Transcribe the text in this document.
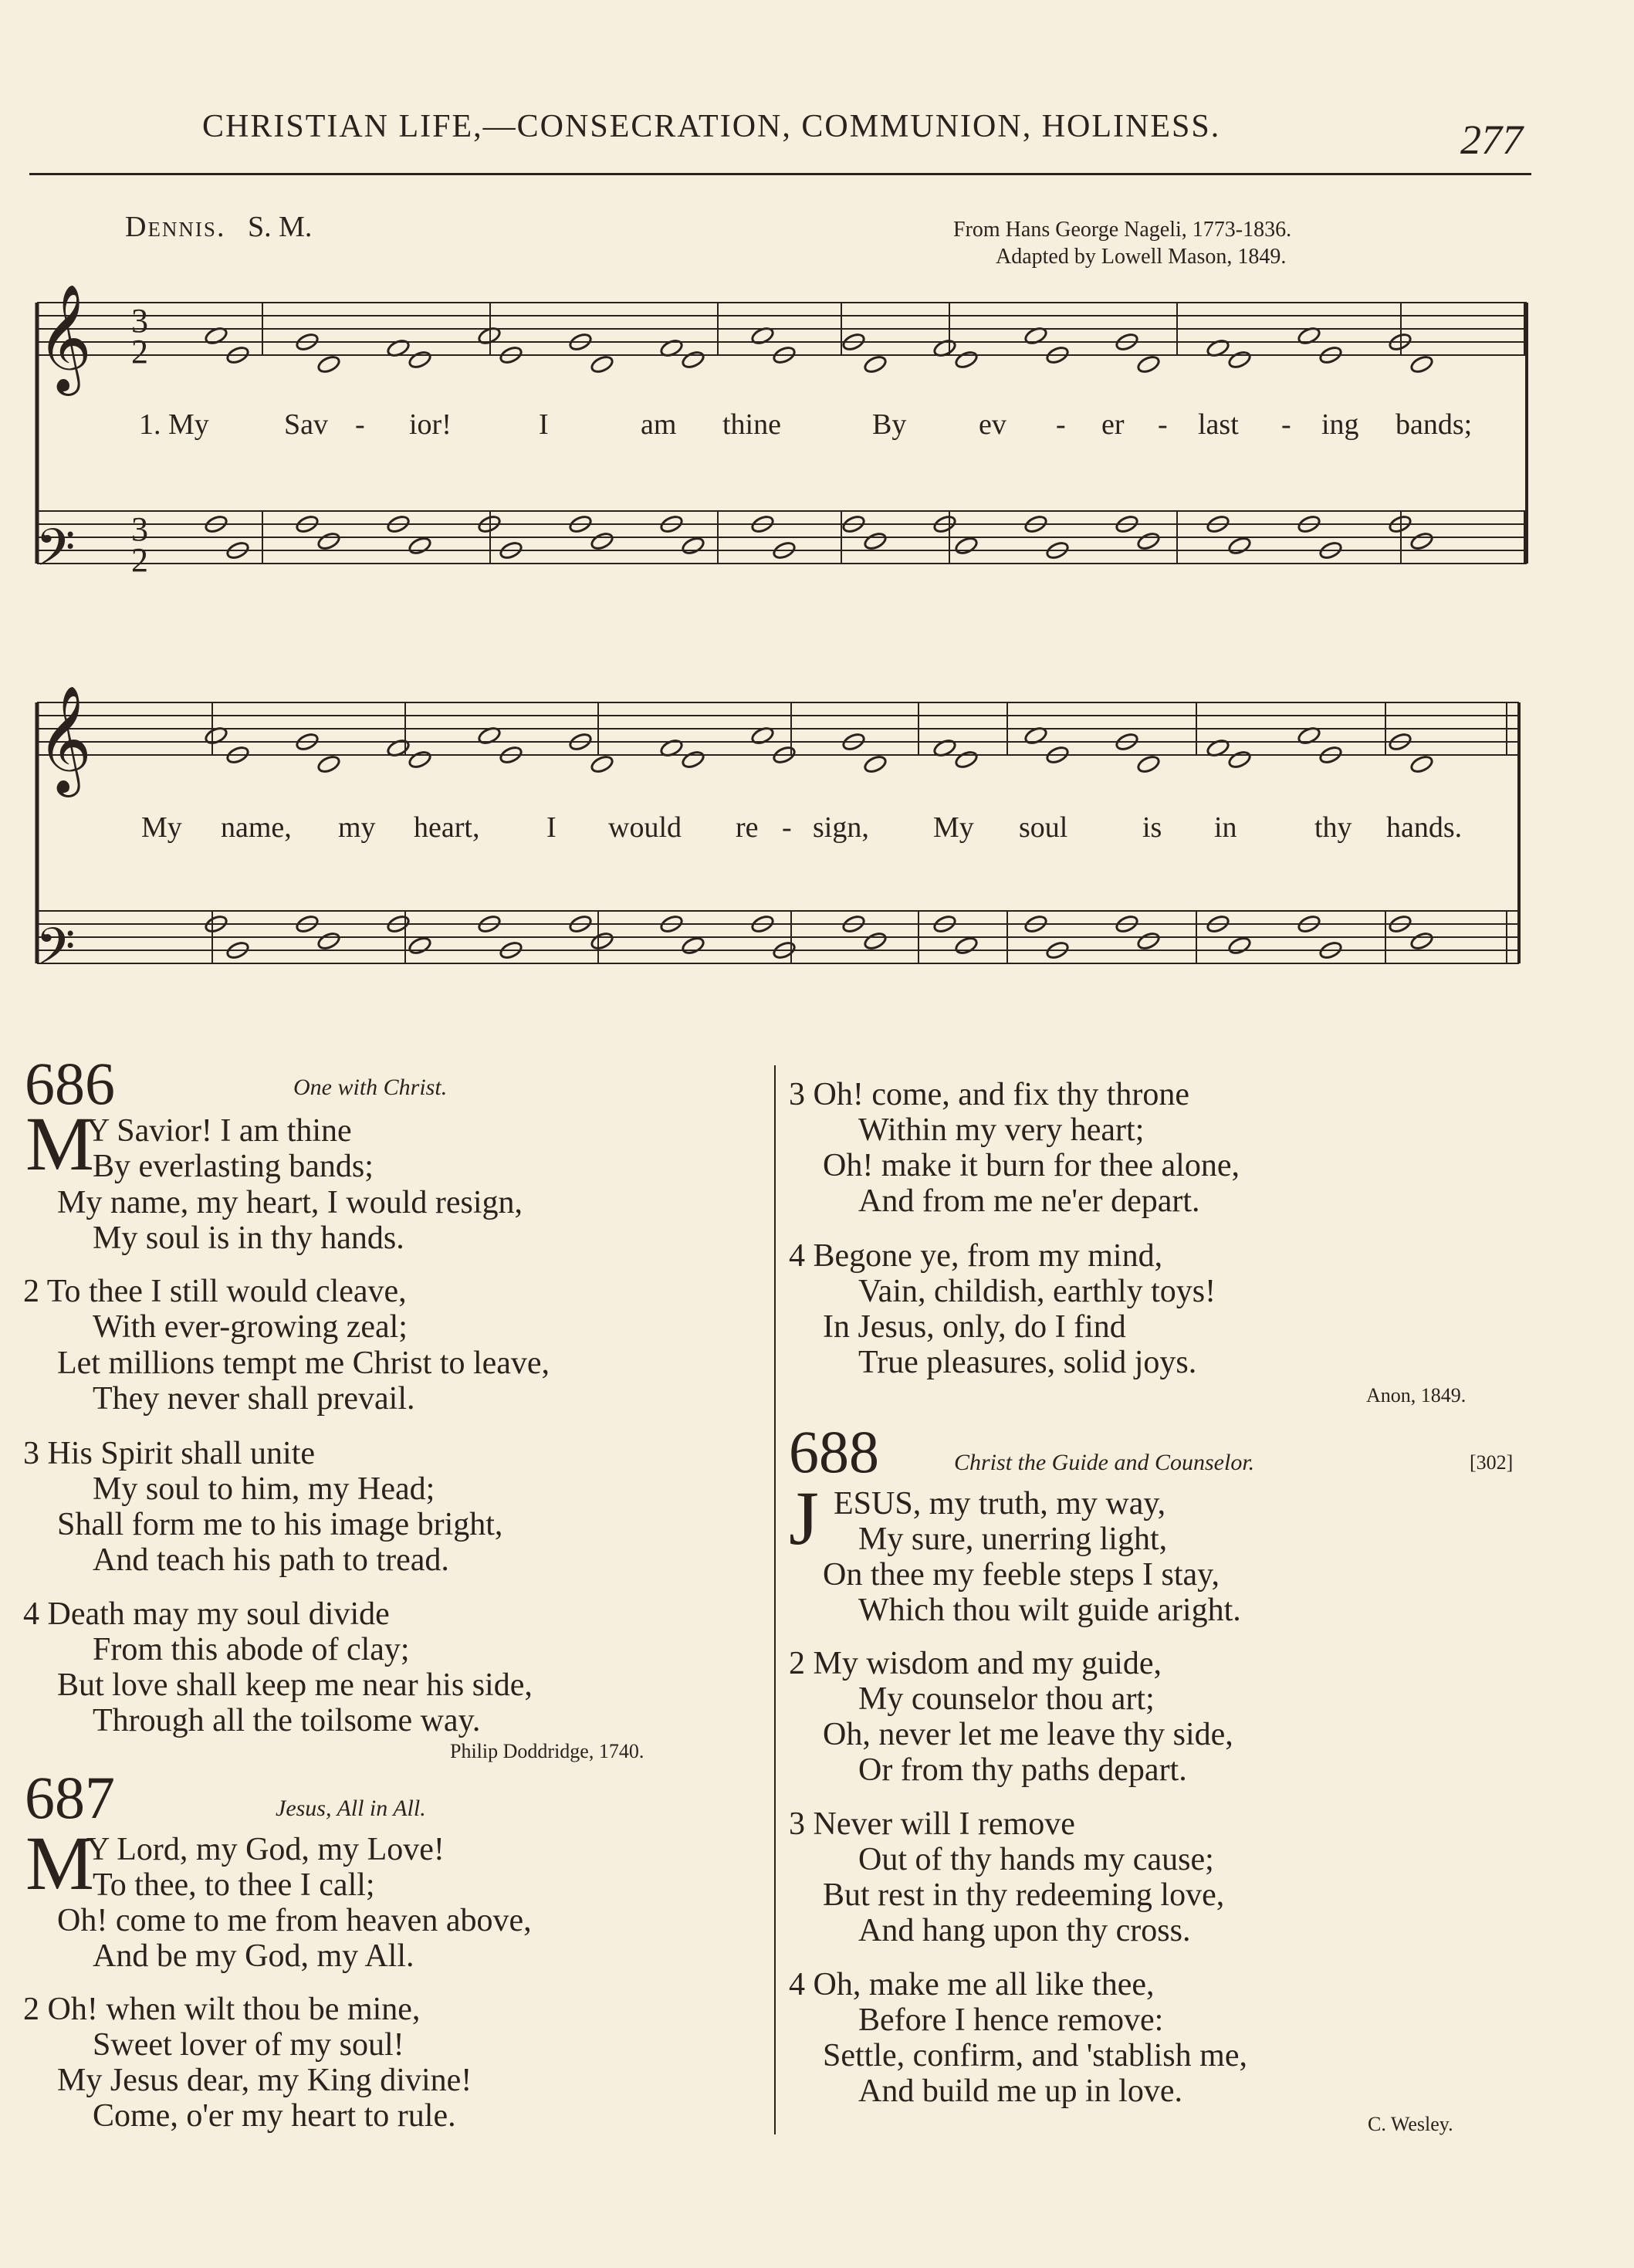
CHRISTIAN LIFE,—CONSECRATION, COMMUNION, HOLINESS.	277
Dennis. S. M.	From Hans George Nageli, 1773-1836.
Adapted by Lowell Mason, 1849.
𝄞
𝄢
𝄞
𝄢
3
2
3
2
1. My	Sav - ior!	I	am thine	By ev - er - last - ing bands;
My name, my heart, I would re - sign, My soul	is in	thy hands.
686	One with Christ.
M
Y Savior! I am thine
By everlasting bands;
My name, my heart, I would resign,
My soul is in thy hands.
2 To thee I still would cleave,
With ever-growing zeal;
Let millions tempt me Christ to leave,
They never shall prevail.
3 His Spirit shall unite
My soul to him, my Head;
Shall form me to his image bright,
And teach his path to tread.
4 Death may my soul divide
From this abode of clay;
But love shall keep me near his side,
Through all the toilsome way.
Philip Doddridge, 1740.
687	Jesus, All in All.
M
Y Lord, my God, my Love!
To thee, to thee I call;
Oh! come to me from heaven above,
And be my God, my All.
2 Oh! when wilt thou be mine,
Sweet lover of my soul!
My Jesus dear, my King divine!
Come, o'er my heart to rule.
3 Oh! come, and fix thy throne
Within my very heart;
Oh! make it burn for thee alone,
And from me ne'er depart.
4 Begone ye, from my mind,
Vain, childish, earthly toys!
In Jesus, only, do I find
True pleasures, solid joys.
Anon, 1849.
688	Christ the Guide and Counselor.	[302]
J ESUS, my truth, my way,
My sure, unerring light,
On thee my feeble steps I stay,
Which thou wilt guide aright.
2 My wisdom and my guide,
My counselor thou art;
Oh, never let me leave thy side,
Or from thy paths depart.
3 Never will I remove
Out of thy hands my cause;
But rest in thy redeeming love,
And hang upon thy cross.
4 Oh, make me all like thee,
Before I hence remove:
Settle, confirm, and 'stablish me,
And build me up in love.
C. Wesley.
